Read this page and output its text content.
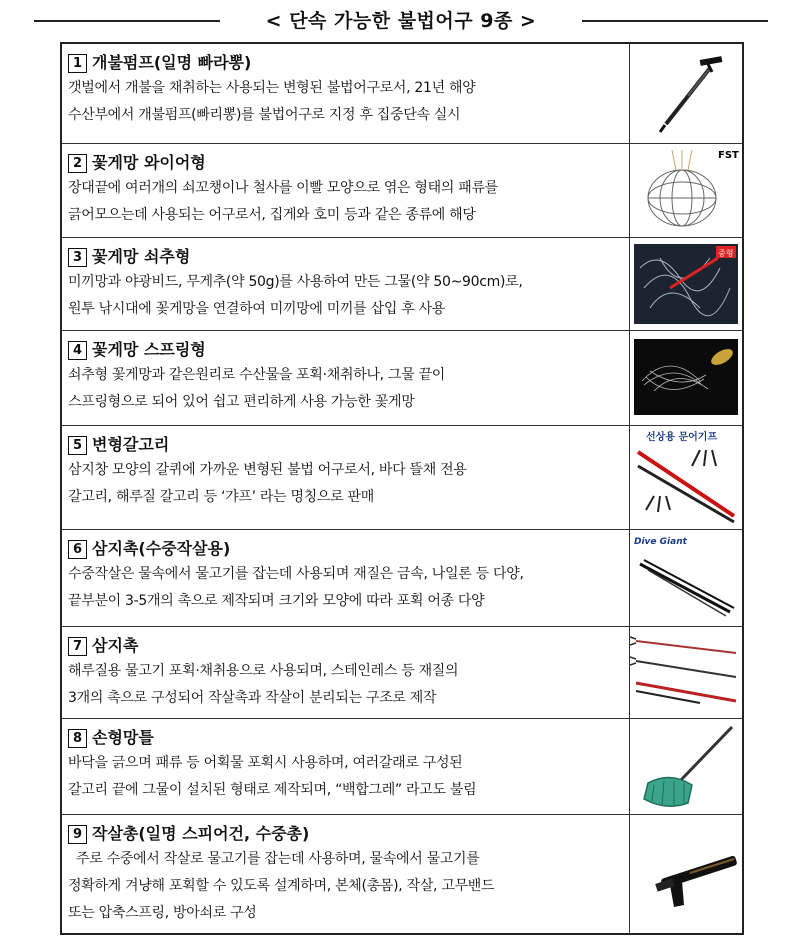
< 단속 가능한 불법어구 9종 >
1 개불펌프(일명 빠라뽕)
갯벌에서 개불을 채취하는 사용되는 변형된 불법어구로서, 21년 해양
수산부에서 개불펌프(빠리뽕)를 불법어구로 지정 후 집중단속 실시
2 꽃게망 와이어형
장대끝에 여러개의 쇠꼬챙이나 철사를 이빨 모양으로 엮은 형태의 패류를
긁어모으는데 사용되는 어구로서, 집게와 호미 등과 같은 종류에 해당
FST
3 꽃게망 쇠추형
미끼망과 야광비드, 무게추(약 50g)를 사용하여 만든 그물(약 50~90cm)로,
원투 낚시대에 꽃게망을 연결하여 미끼망에 미끼를 삽입 후 사용
중형
4 꽃게망 스프링형
쇠추형 꽃게망과 같은원리로 수산물을 포획·채취하나, 그물 끝이
스프링형으로 되어 있어 쉽고 편리하게 사용 가능한 꽃게망
5 변형갈고리
삼지창 모양의 갈퀴에 가까운 변형된 불법 어구로서, 바다 뜰채 전용
갈고리, 해루질 갈고리 등 ‘갸프’ 라는 명칭으로 판매
선상용 문어기프
6 삼지촉(수중작살용)
수중작살은 물속에서 물고기를 잡는데 사용되며 재질은 금속, 나일론 등 다양,
끝부분이 3-5개의 촉으로 제작되며 크기와 모양에 따라 포획 어종 다양
Dive Giant
7 삼지촉
해루질용 물고기 포획·채취용으로 사용되며, 스테인레스 등 재질의
3개의 촉으로 구성되어 작살촉과 작살이 분리되는 구조로 제작
8 손형망틀
바닥을 긁으며 패류 등 어획물 포획시 사용하며, 여러갈래로 구성된
갈고리 끝에 그물이 설치된 형태로 제작되며, “백합그레” 라고도 불림
9 작살총(일명 스피어건, 수중총)
주로 수중에서 작살로 물고기를 잡는데 사용하며, 물속에서 물고기를
정확하게 겨냥해 포획할 수 있도록 설계하며, 본체(총몸), 작살, 고무밴드
또는 압축스프링, 방아쇠로 구성
